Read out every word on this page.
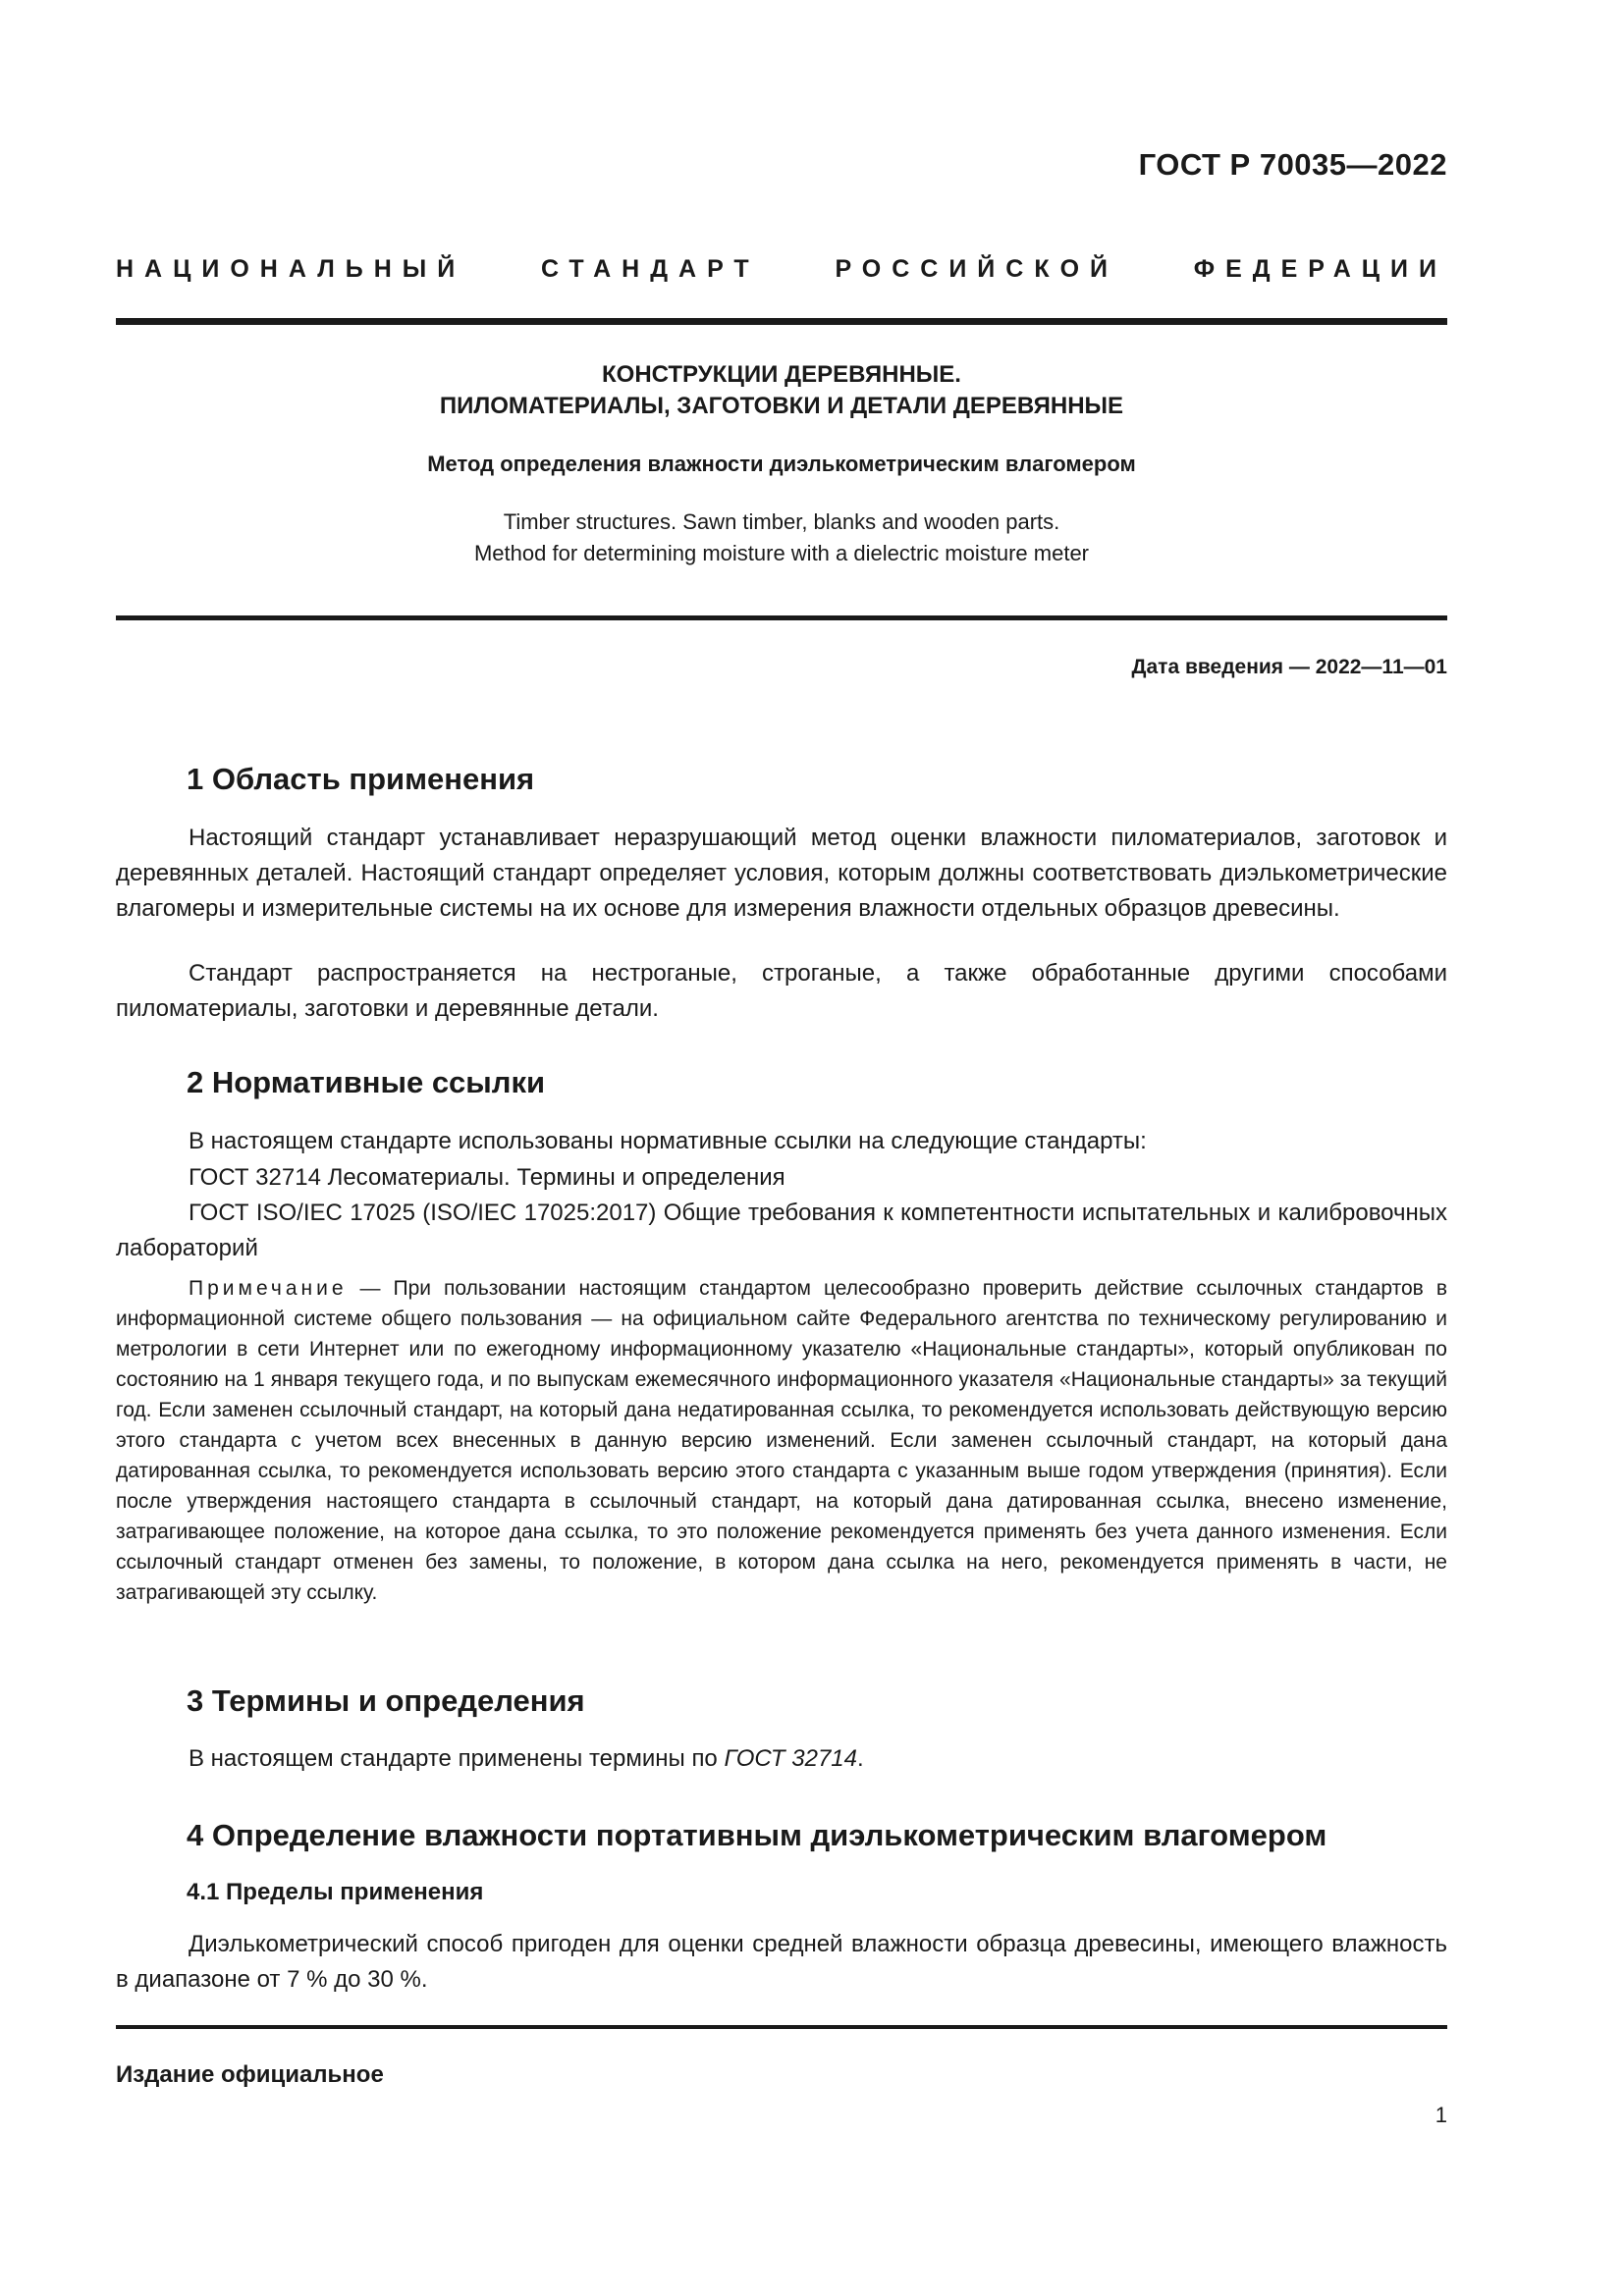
ГОСТ Р 70035—2022
НАЦИОНАЛЬНЫЙ СТАНДАРТ РОССИЙСКОЙ ФЕДЕРАЦИИ
КОНСТРУКЦИИ ДЕРЕВЯННЫЕ.
ПИЛОМАТЕРИАЛЫ, ЗАГОТОВКИ И ДЕТАЛИ ДЕРЕВЯННЫЕ
Метод определения влажности диэлькометрическим влагомером
Timber structures. Sawn timber, blanks and wooden parts.
Method for determining moisture with a dielectric moisture meter
Дата введения — 2022—11—01
1 Область применения
Настоящий стандарт устанавливает неразрушающий метод оценки влажности пиломатериалов, заготовок и деревянных деталей. Настоящий стандарт определяет условия, которым должны соответствовать диэлькометрические влагомеры и измерительные системы на их основе для измерения влажности отдельных образцов древесины.
Стандарт распространяется на нестроганые, строганые, а также обработанные другими способами пиломатериалы, заготовки и деревянные детали.
2 Нормативные ссылки
В настоящем стандарте использованы нормативные ссылки на следующие стандарты:
ГОСТ 32714 Лесоматериалы. Термины и определения
ГОСТ ISO/IEC 17025 (ISO/IEC 17025:2017) Общие требования к компетентности испытательных и калибровочных лабораторий
Примечание — При пользовании настоящим стандартом целесообразно проверить действие ссылочных стандартов в информационной системе общего пользования — на официальном сайте Федерального агентства по техническому регулированию и метрологии в сети Интернет или по ежегодному информационному указателю «Национальные стандарты», который опубликован по состоянию на 1 января текущего года, и по выпускам ежемесячного информационного указателя «Национальные стандарты» за текущий год. Если заменен ссылочный стандарт, на который дана недатированная ссылка, то рекомендуется использовать действующую версию этого стандарта с учетом всех внесенных в данную версию изменений. Если заменен ссылочный стандарт, на который дана датированная ссылка, то рекомендуется использовать версию этого стандарта с указанным выше годом утверждения (принятия). Если после утверждения настоящего стандарта в ссылочный стандарт, на который дана датированная ссылка, внесено изменение, затрагивающее положение, на которое дана ссылка, то это положение рекомендуется применять без учета данного изменения. Если ссылочный стандарт отменен без замены, то положение, в котором дана ссылка на него, рекомендуется применять в части, не затрагивающей эту ссылку.
3 Термины и определения
В настоящем стандарте применены термины по ГОСТ 32714.
4 Определение влажности портативным диэлькометрическим влагомером
4.1 Пределы применения
Диэлькометрический способ пригоден для оценки средней влажности образца древесины, имеющего влажность в диапазоне от 7 % до 30 %.
Издание официальное
1
